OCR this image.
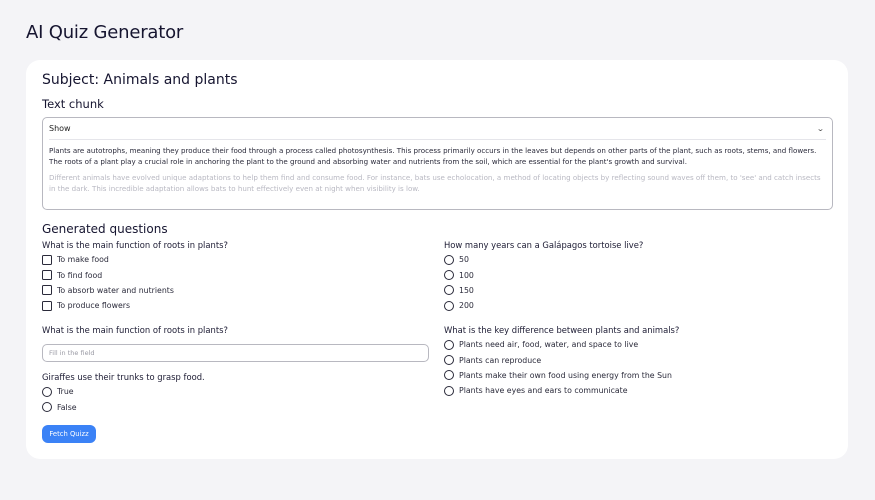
AI Quiz Generator
Subject: Animals and plants
Text chunk
Show	⌄

Plants are autotrophs, meaning they produce their food through a process called photosynthesis. This process primarily occurs in the leaves but depends on other parts of the plant, such as roots, stems, and flowers. The roots of a plant play a crucial role in anchoring the plant to the ground and absorbing water and nutrients from the soil, which are essential for the plant's growth and survival.

Different animals have evolved unique adaptations to help them find and consume food. For instance, bats use echolocation, a method of locating objects by reflecting sound waves off them, to 'see' and catch insects in the dark. This incredible adaptation allows bats to hunt effectively even at night when visibility is low.

Generated questions
What is the main function of roots in plants?
To make food
To find food
To absorb water and nutrients
To produce flowers
What is the main function of roots in plants?
Fill in the field
Giraffes use their trunks to grasp food.
True
False
How many years can a Galápagos tortoise live?
50
100
150
200
What is the key difference between plants and animals?
Plants need air, food, water, and space to live
Plants can reproduce
Plants make their own food using energy from the Sun
Plants have eyes and ears to communicate
Fetch Quizz
